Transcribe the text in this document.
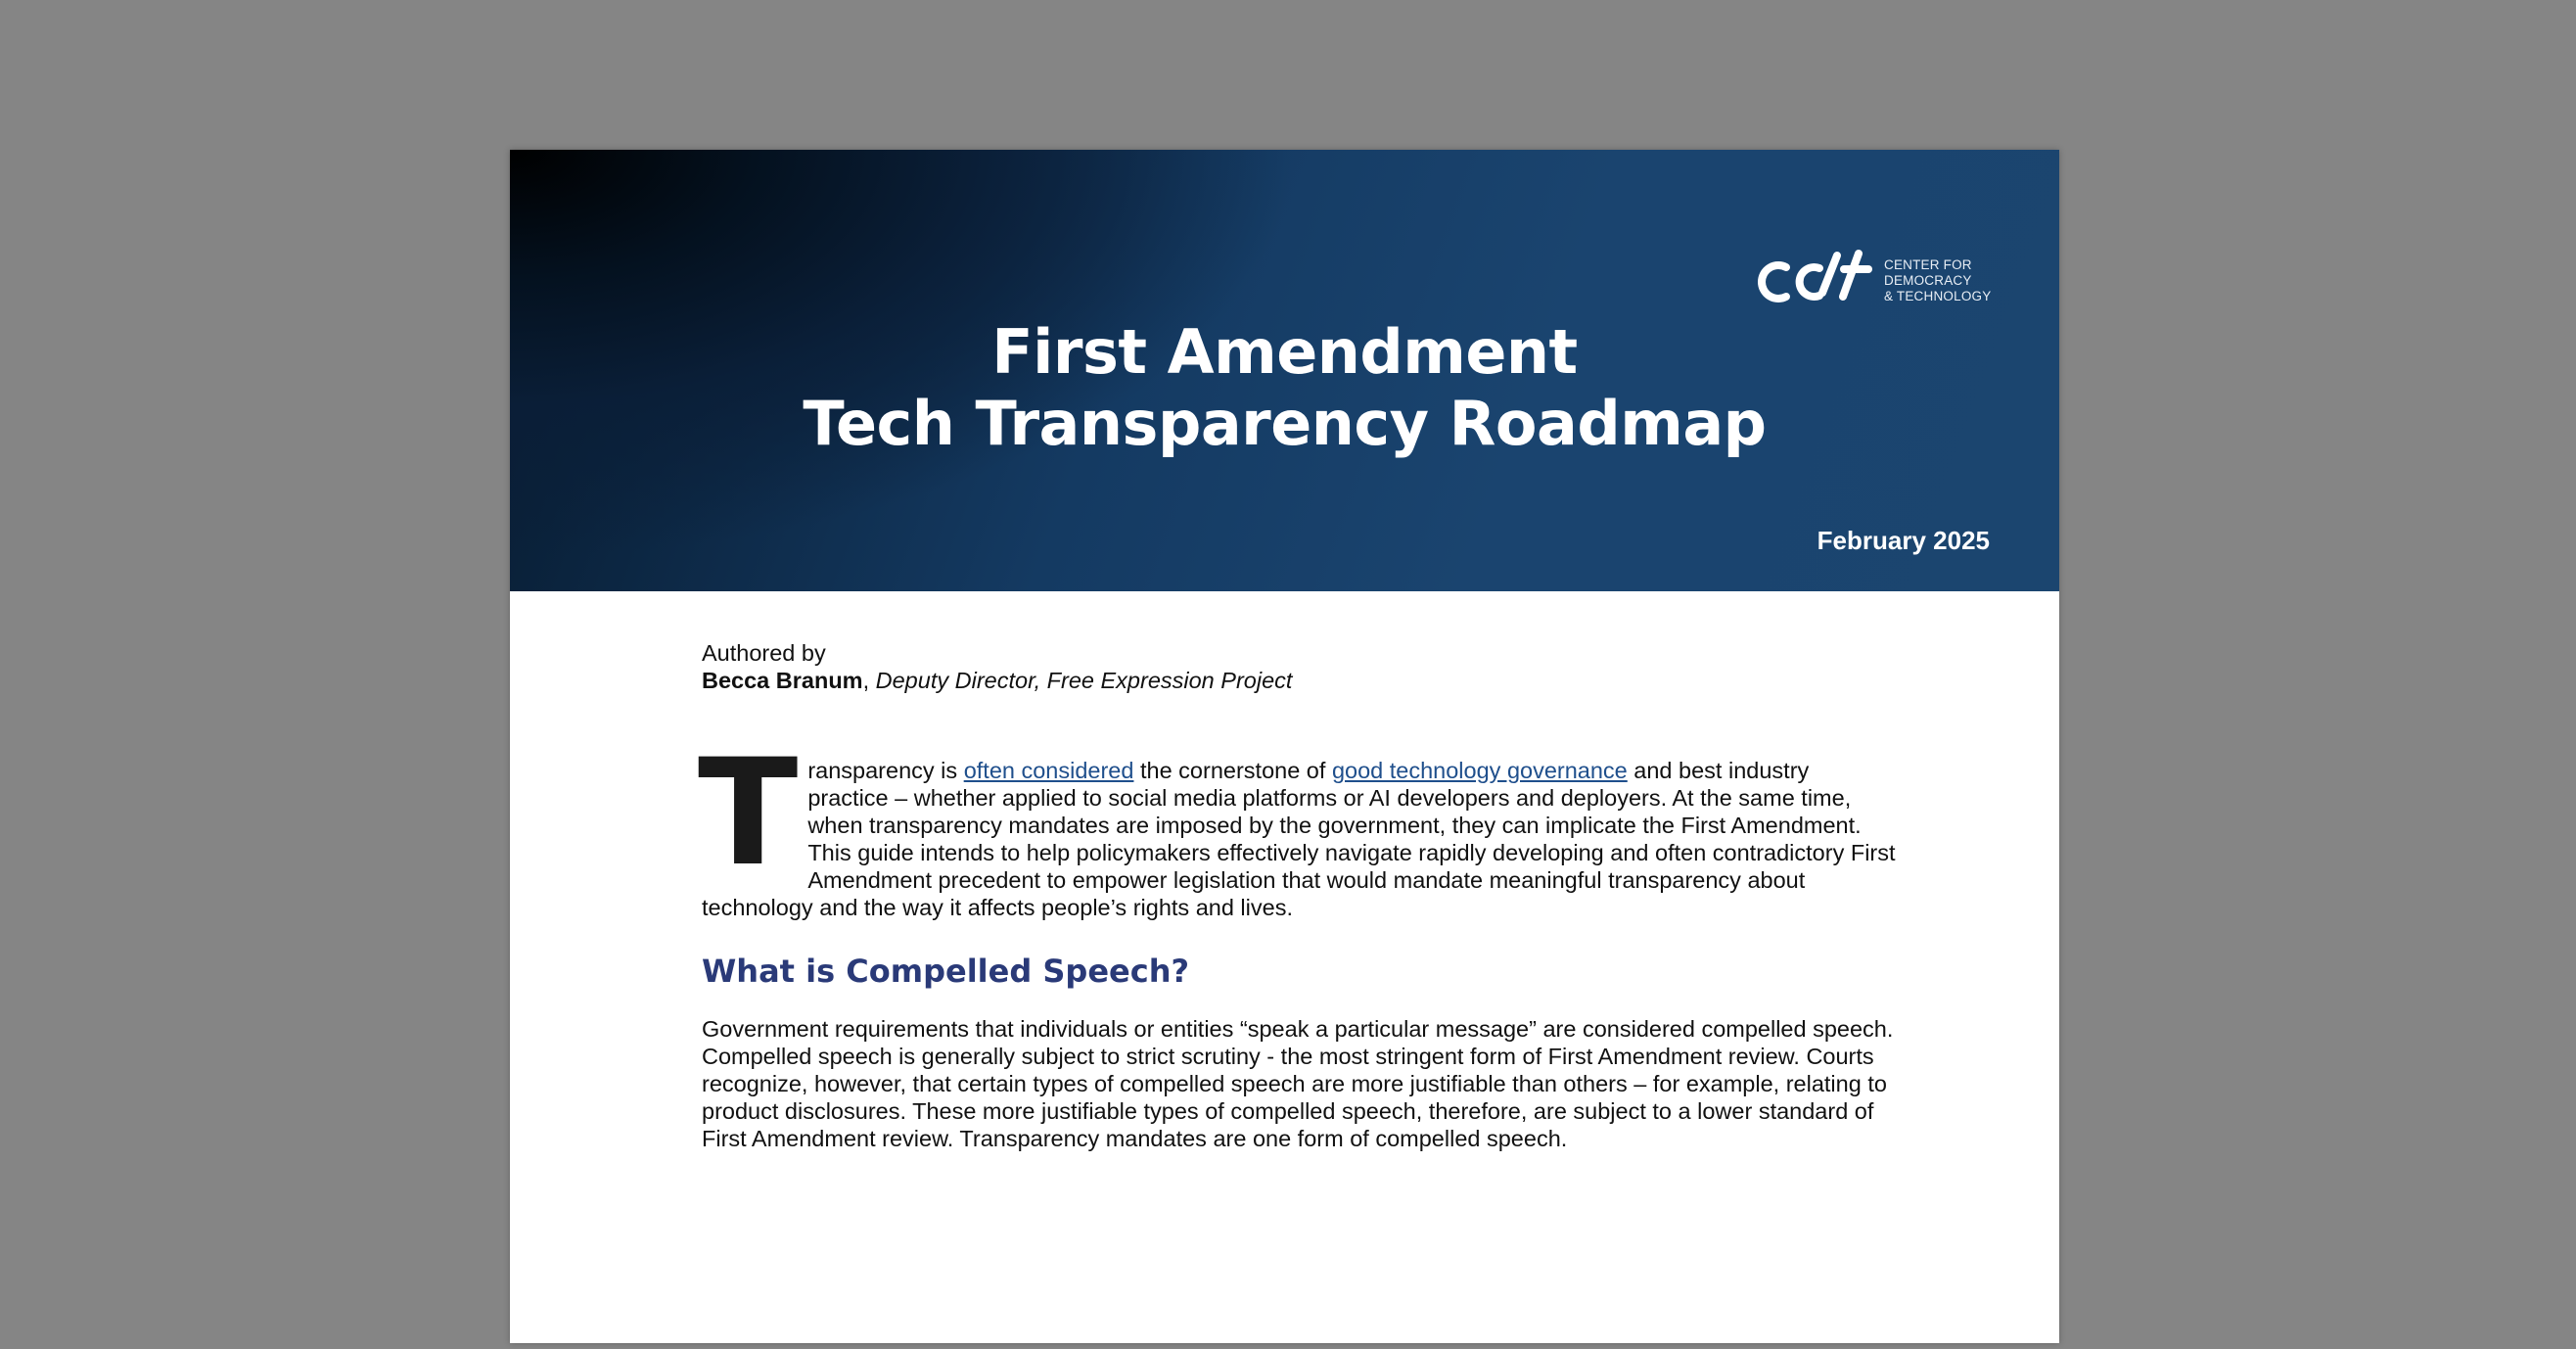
CENTER FOR
DEMOCRACY
& TECHNOLOGY
First Amendment
Tech Transparency Roadmap
February 2025

Authored by
Becca Branum, Deputy Director, Free Expression Project

Transparency is often considered the cornerstone of good technology governance and best industry practice – whether applied to social media platforms or AI developers and deployers. At the same time, when transparency mandates are imposed by the government, they can implicate the First Amendment. This guide intends to help policymakers effectively navigate rapidly developing and often contradictory First Amendment precedent to empower legislation that would mandate meaningful transparency about technology and the way it affects people’s rights and lives.

What is Compelled Speech?

Government requirements that individuals or entities “speak a particular message” are considered compelled speech. Compelled speech is generally subject to strict scrutiny - the most stringent form of First Amendment review. Courts recognize, however, that certain types of compelled speech are more justifiable than others – for example, relating to product disclosures. These more justifiable types of compelled speech, therefore, are subject to a lower standard of First Amendment review. Transparency mandates are one form of compelled speech.
